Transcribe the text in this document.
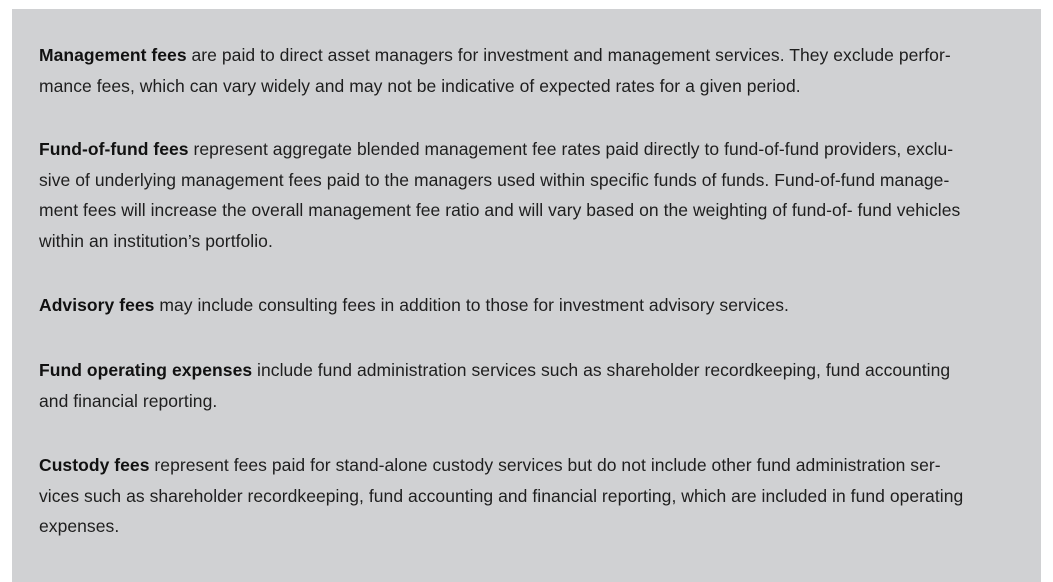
Management fees are paid to direct asset managers for investment and management services. They exclude perfor-
mance fees, which can vary widely and may not be indicative of expected rates for a given period.

Fund-of-fund fees represent aggregate blended management fee rates paid directly to fund-of-fund providers, exclu-
sive of underlying management fees paid to the managers used within specific funds of funds. Fund-of-fund manage-
ment fees will increase the overall management fee ratio and will vary based on the weighting of fund-of- fund vehicles
within an institution’s portfolio.

Advisory fees may include consulting fees in addition to those for investment advisory services.

Fund operating expenses include fund administration services such as shareholder recordkeeping, fund accounting
and financial reporting.

Custody fees represent fees paid for stand-alone custody services but do not include other fund administration ser-
vices such as shareholder recordkeeping, fund accounting and financial reporting, which are included in fund operating
expenses.
